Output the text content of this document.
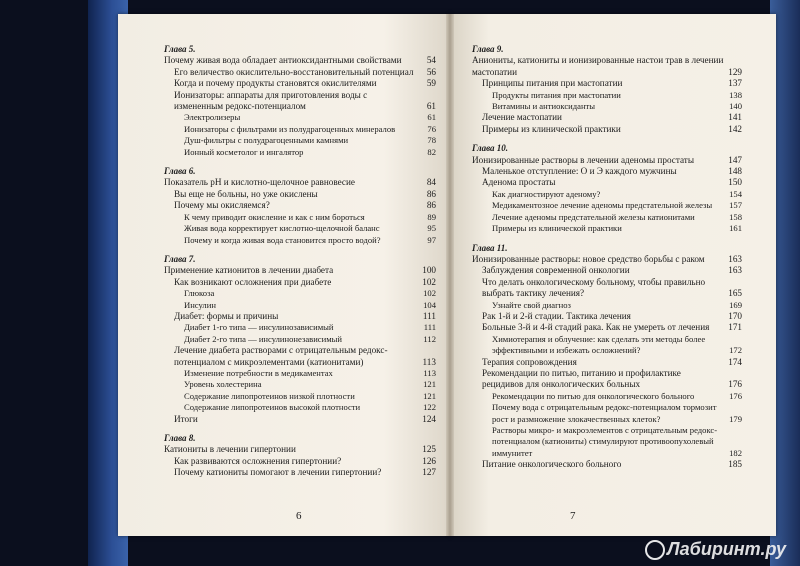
Глава 5.
Почему живая вода обладает антиоксидантными свойствами	54
Его величество окислительно-восстановительный потенциал 56
Когда и почему продукты становятся окислителями	59
Ионизаторы: аппараты для приготовления воды с измененным редокс-потенциалом	61
Электролизеры	61
Ионизаторы с фильтрами из полудрагоценных минералов	76
Душ-фильтры с полудрагоценными камнями	78
Ионный косметолог и ингалятор	82
Глава 6.
Показатель pH и кислотно-щелочное равновесие	84
Вы еще не больны, но уже окислены	86
Почему мы окисляемся?	86
К чему приводит окисление и как с ним бороться	89
Живая вода корректирует кислотно-щелочной баланс	95
Почему и когда живая вода становится просто водой?	97
Глава 7.
Применение катионитов в лечении диабета	100
Как возникают осложнения при диабете	102
Глюкоза	102
Инсулин	104
Диабет: формы и причины	111
Диабет 1-го типа — инсулинозависимый	111
Диабет 2-го типа — инсулинонезависимый	112
Лечение диабета растворами с отрицательным редокс-потенциалом с микроэлементами (катионитами)	113
Изменение потребности в медикаментах	113
Уровень холестерина	121
Содержание липопротеинов низкой плотности	121
Содержание липопротеинов высокой плотности	122
Итоги	124
Глава 8.
Катиониты в лечении гипертонии	125
Как развиваются осложнения гипертонии?	126
Почему катиониты помогают в лечении гипертонии?	127
6
Глава 9.
Аниониты, катиониты и ионизированные настои трав в лечении мастопатии	129
Принципы питания при мастопатии	137
Продукты питания при мастопатии	138
Витамины и антиоксиданты	140
Лечение мастопатии	141
Примеры из клинической практики	142
Глава 10.
Ионизированные растворы в лечении аденомы простаты	147
Маленькое отступление: О и Э каждого мужчины	148
Аденома простаты	150
Как диагностируют аденому?	154
Медикаментозное лечение аденомы предстательной железы 157
Лечение аденомы предстательной железы катионитами	158
Примеры из клинической практики	161
Глава 11.
Ионизированные растворы: новое средство борьбы с раком	163
Заблуждения современной онкологии	163
Что делать онкологическому больному, чтобы правильно выбрать тактику лечения?	165
Узнайте свой диагноз	169
Рак 1-й и 2-й стадии. Тактика лечения	170
Больные 3-й и 4-й стадий рака. Как не умереть от лечения 171
Химиотерапия и облучение: как сделать эти методы более эффективными и избежать осложнений?	172
Терапия сопровождения	174
Рекомендации по питью, питанию и профилактике рецидивов для онкологических больных	176
Рекомендации по питью для онкологического больного	176
Почему вода с отрицательным редокс-потенциалом тормозит рост и размножение злокачественных клеток?	179
Растворы микро- и макроэлементов с отрицательным редокс-потенциалом (катиониты) стимулируют противоопухолевый иммунитет	182
Питание онкологического больного	185
7
Лабиринт.ру
